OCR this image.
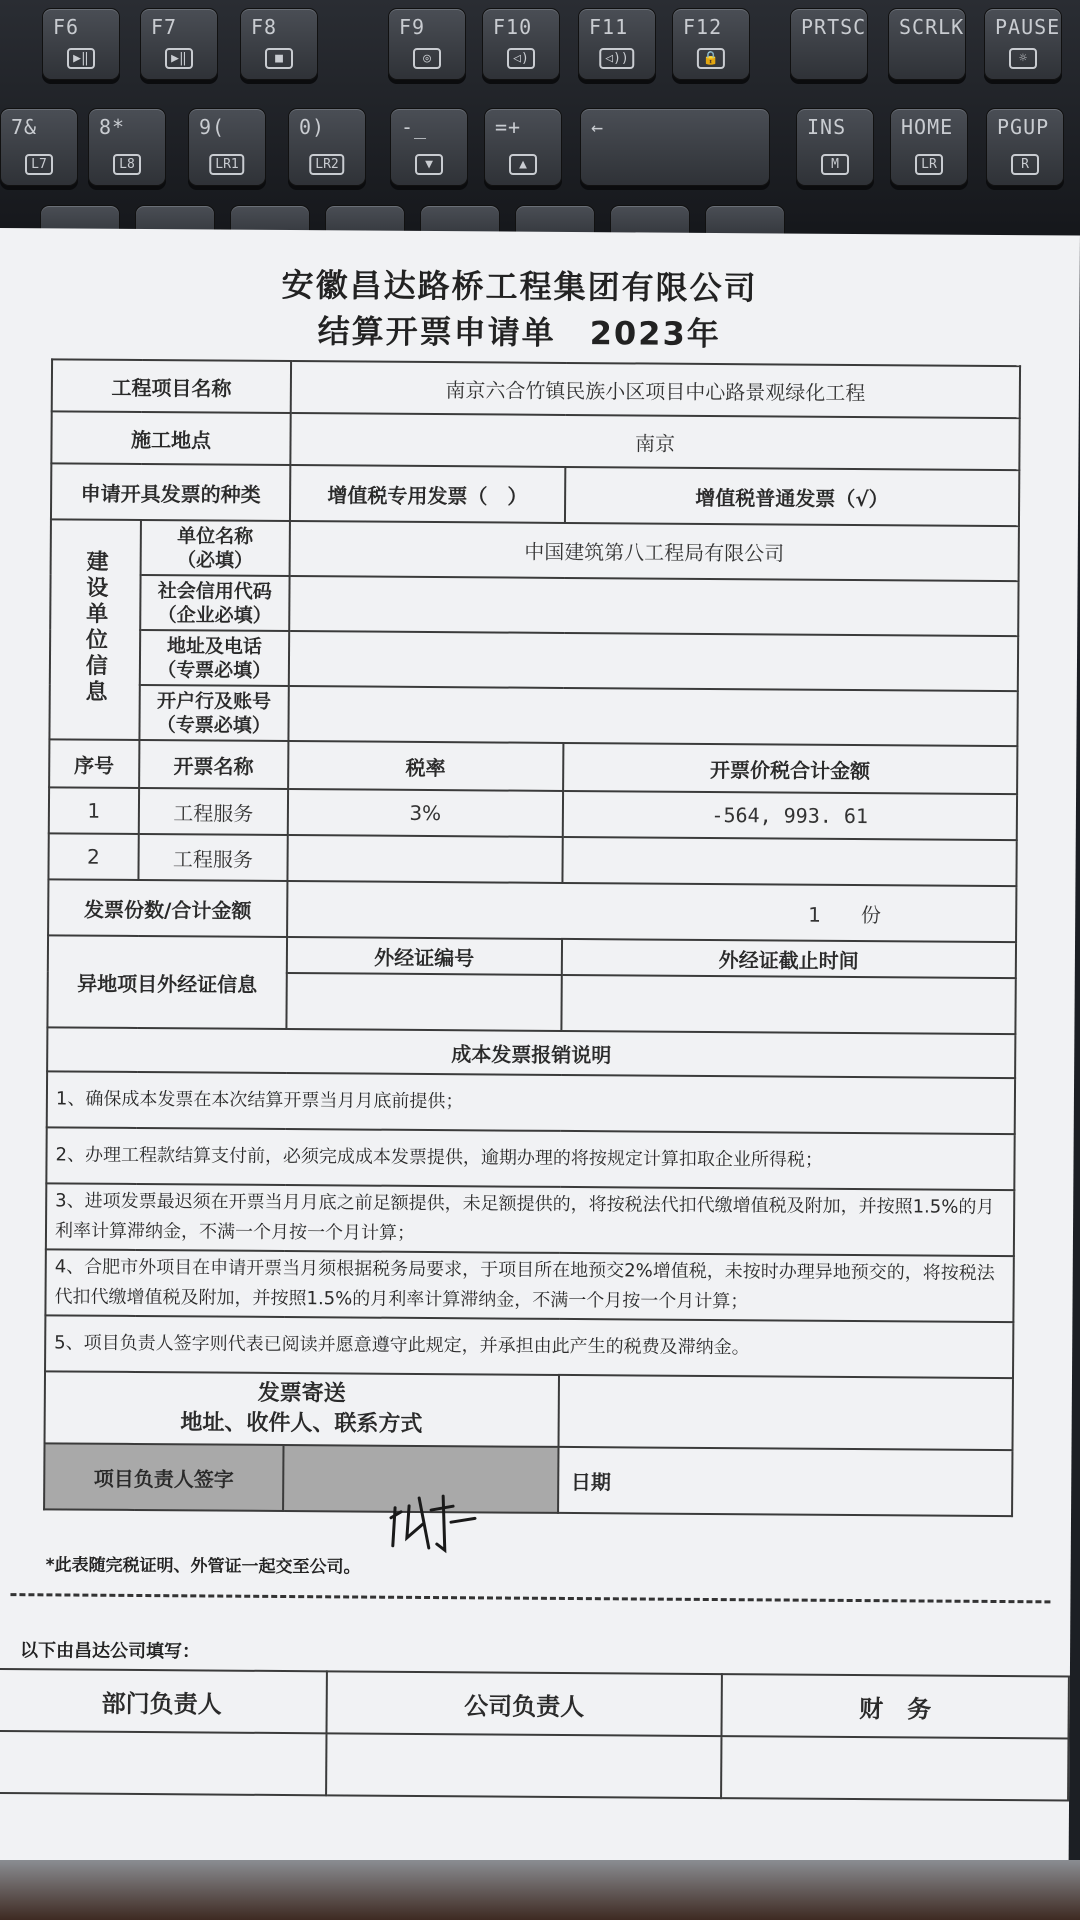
F6
▶‖
F7
▶‖
F8
■
F9
◎
F10
◁)
F11
◁))
F12
🔒
PRTSC SCRLK PAUSE
☼
7&
L7
8*
L8
9(
LR1
0)
LR2
-_
▼
=+
▲
←	INS
M
HOME
LR
PGUP
R
安徽昌达路桥工程集团有限公司
结算开票申请单　2023年
工程项目名称		南京六合竹镇民族小区项目中心路景观绿化工程	
施工地点		南京	
申请开具发票的种类		增值税专用发票（　）	增值税普通发票（√）
建设单位信息	单位名称
（必填）	中国建筑第八工程局有限公司	
	社会信用代码
（企业必填）		
	地址及电话
（专票必填）		
	开户行及账号
（专票必填）		
序号	开票名称	税率	开票价税合计金额
1	工程服务	3%	-564, 993. 61
2	工程服务		
发票份数/合计金额		1　　份	
异地项目外经证信息		外经证编号	外经证截止时间

成本发票报销说明			
1、确保成本发票在本次结算开票当月月底前提供；			
2、办理工程款结算支付前，必须完成成本发票提供，逾期办理的将按规定计算扣取企业所得税；			
3、进项发票最迟须在开票当月月底之前足额提供，未足额提供的，将按税法代扣代缴增值税及附加，并按照1.5%的月利率计算滞纳金，不满一个月按一个月计算；			
4、合肥市外项目在申请开票当月须根据税务局要求，于项目所在地预交2%增值税，未按时办理异地预交的，将按税法代扣代缴增值税及附加，并按照1.5%的月利率计算滞纳金，不满一个月按一个月计算；			
5、项目负责人签字则代表已阅读并愿意遵守此规定，并承担由此产生的税费及滞纳金。			
发票寄送
地址、收件人、联系方式			
项目负责人签字			日期
*此表随完税证明、外管证一起交至公司。
以下由昌达公司填写：
部门负责人	公司负责人	财　务
